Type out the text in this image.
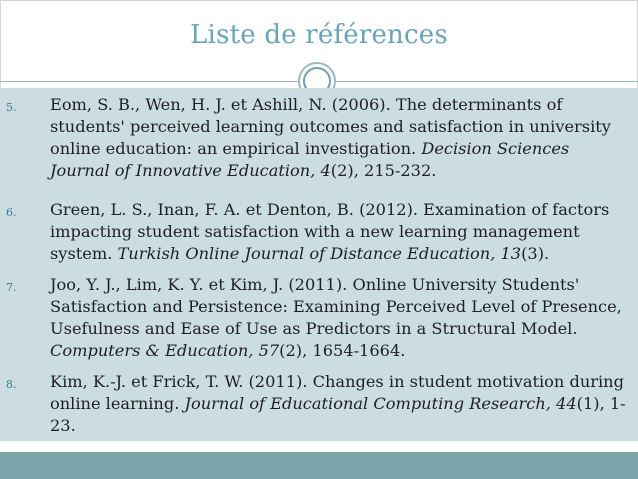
Liste de références
5. Eom, S. B., Wen, H. J. et Ashill, N. (2006). The determinants of students' perceived learning outcomes and satisfaction in university online education: an empirical investigation. Decision Sciences Journal of Innovative Education, 4(2), 215-232.
6. Green, L. S., Inan, F. A. et Denton, B. (2012). Examination of factors impacting student satisfaction with a new learning management system. Turkish Online Journal of Distance Education, 13(3).
7. Joo, Y. J., Lim, K. Y. et Kim, J. (2011). Online University Students' Satisfaction and Persistence: Examining Perceived Level of Presence, Usefulness and Ease of Use as Predictors in a Structural Model. Computers & Education, 57(2), 1654-1664.
8. Kim, K.-J. et Frick, T. W. (2011). Changes in student motivation during online learning. Journal of Educational Computing Research, 44(1), 1-23.
